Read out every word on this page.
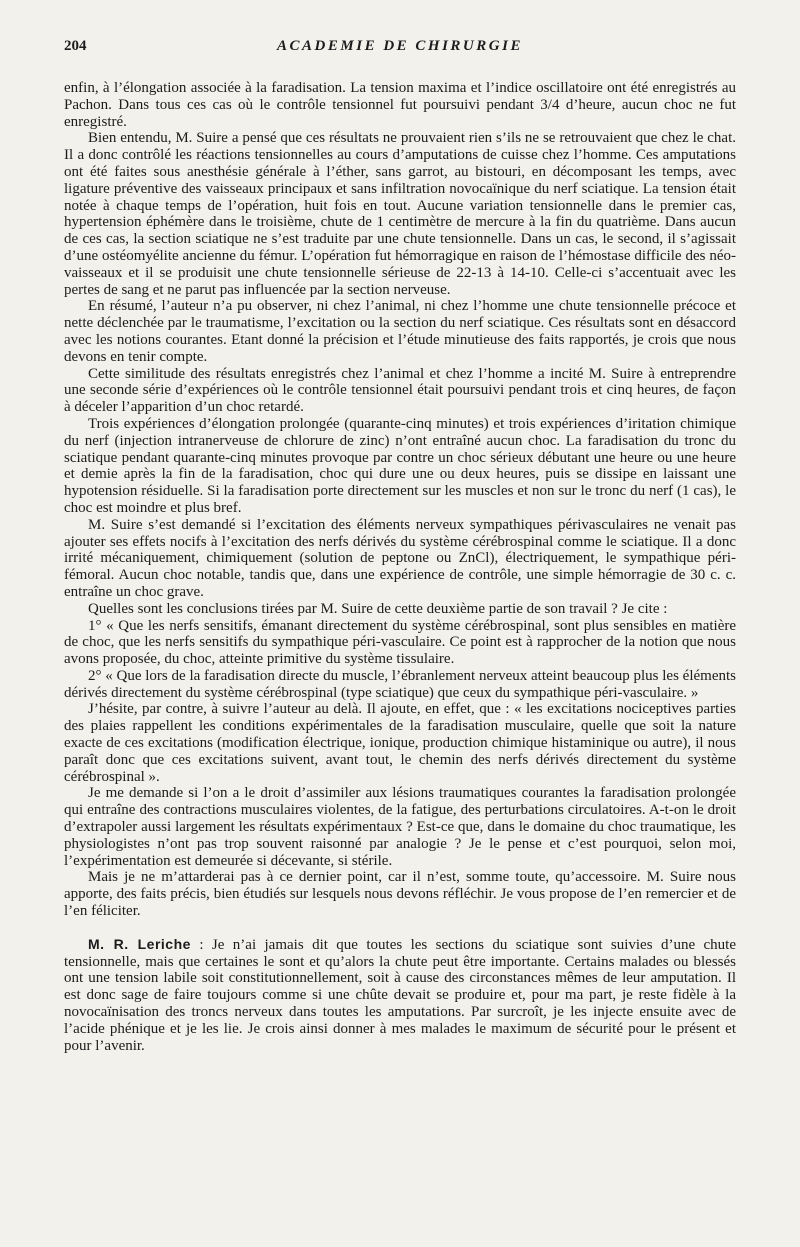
204	ACADEMIE DE CHIRURGIE

enfin, à l’élongation associée à la faradisation. La tension maxima et l’indice oscillatoire ont été enregistrés au Pachon. Dans tous ces cas où le contrôle tensionnel fut poursuivi pendant 3/4 d’heure, aucun choc ne fut enregistré.

Bien entendu, M. Suire a pensé que ces résultats ne prouvaient rien s’ils ne se retrouvaient que chez le chat. Il a donc contrôlé les réactions tensionnelles au cours d’amputations de cuisse chez l’homme. Ces amputations ont été faites sous anesthésie générale à l’éther, sans garrot, au bistouri, en décomposant les temps, avec ligature préventive des vaisseaux principaux et sans infiltration novocaïnique du nerf sciatique. La tension était notée à chaque temps de l’opération, huit fois en tout. Aucune variation tensionnelle dans le premier cas, hypertension éphémère dans le troisième, chute de 1 centimètre de mercure à la fin du quatrième. Dans aucun de ces cas, la section sciatique ne s’est traduite par une chute tensionnelle. Dans un cas, le second, il s’agissait d’une ostéomyélite ancienne du fémur. L’opération fut hémorragique en raison de l’hémostase difficile des néo-vaisseaux et il se produisit une chute tensionnelle sérieuse de 22-13 à 14-10. Celle-ci s’accentuait avec les pertes de sang et ne parut pas influencée par la section nerveuse.

En résumé, l’auteur n’a pu observer, ni chez l’animal, ni chez l’homme une chute tensionnelle précoce et nette déclenchée par le traumatisme, l’excitation ou la section du nerf sciatique. Ces résultats sont en désaccord avec les notions courantes. Etant donné la précision et l’étude minutieuse des faits rapportés, je crois que nous devons en tenir compte.

Cette similitude des résultats enregistrés chez l’animal et chez l’homme a incité M. Suire à entreprendre une seconde série d’expériences où le contrôle tensionnel était poursuivi pendant trois et cinq heures, de façon à déceler l’apparition d’un choc retardé.

Trois expériences d’élongation prolongée (quarante-cinq minutes) et trois expériences d’iritation chimique du nerf (injection intranerveuse de chlorure de zinc) n’ont entraîné aucun choc. La faradisation du tronc du sciatique pendant quarante-cinq minutes provoque par contre un choc sérieux débutant une heure ou une heure et demie après la fin de la faradisation, choc qui dure une ou deux heures, puis se dissipe en laissant une hypotension résiduelle. Si la faradisation porte directement sur les muscles et non sur le tronc du nerf (1 cas), le choc est moindre et plus bref.

M. Suire s’est demandé si l’excitation des éléments nerveux sympathiques périvasculaires ne venait pas ajouter ses effets nocifs à l’excitation des nerfs dérivés du système cérébrospinal comme le sciatique. Il a donc irrité mécaniquement, chimiquement (solution de peptone ou ZnCl), électriquement, le sympathique péri-fémoral. Aucun choc notable, tandis que, dans une expérience de contrôle, une simple hémorragie de 30 c. c. entraîne un choc grave.

Quelles sont les conclusions tirées par M. Suire de cette deuxième partie de son travail ? Je cite :

1° « Que les nerfs sensitifs, émanant directement du système cérébrospinal, sont plus sensibles en matière de choc, que les nerfs sensitifs du sympathique péri-vasculaire. Ce point est à rapprocher de la notion que nous avons proposée, du choc, atteinte primitive du système tissulaire.

2° « Que lors de la faradisation directe du muscle, l’ébranlement nerveux atteint beaucoup plus les éléments dérivés directement du système cérébrospinal (type sciatique) que ceux du sympathique péri-vasculaire. »

J’hésite, par contre, à suivre l’auteur au delà. Il ajoute, en effet, que : « les excitations nociceptives parties des plaies rappellent les conditions expérimentales de la faradisation musculaire, quelle que soit la nature exacte de ces excitations (modification électrique, ionique, production chimique histaminique ou autre), il nous paraît donc que ces excitations suivent, avant tout, le chemin des nerfs dérivés directement du système cérébrospinal ».

Je me demande si l’on a le droit d’assimiler aux lésions traumatiques courantes la faradisation prolongée qui entraîne des contractions musculaires violentes, de la fatigue, des perturbations circulatoires. A-t-on le droit d’extrapoler aussi largement les résultats expérimentaux ? Est-ce que, dans le domaine du choc traumatique, les physiologistes n’ont pas trop souvent raisonné par analogie ? Je le pense et c’est pourquoi, selon moi, l’expérimentation est demeurée si décevante, si stérile.

Mais je ne m’attarderai pas à ce dernier point, car il n’est, somme toute, qu’accessoire. M. Suire nous apporte, des faits précis, bien étudiés sur lesquels nous devons réfléchir. Je vous propose de l’en remercier et de l’en féliciter.

M. R. Leriche : Je n’ai jamais dit que toutes les sections du sciatique sont suivies d’une chute tensionnelle, mais que certaines le sont et qu’alors la chute peut être importante. Certains malades ou blessés ont une tension labile soit constitutionnellement, soit à cause des circonstances mêmes de leur amputation. Il est donc sage de faire toujours comme si une chûte devait se produire et, pour ma part, je reste fidèle à la novocaïnisation des troncs nerveux dans toutes les amputations. Par surcroît, je les injecte ensuite avec de l’acide phénique et je les lie. Je crois ainsi donner à mes malades le maximum de sécurité pour le présent et pour l’avenir.
